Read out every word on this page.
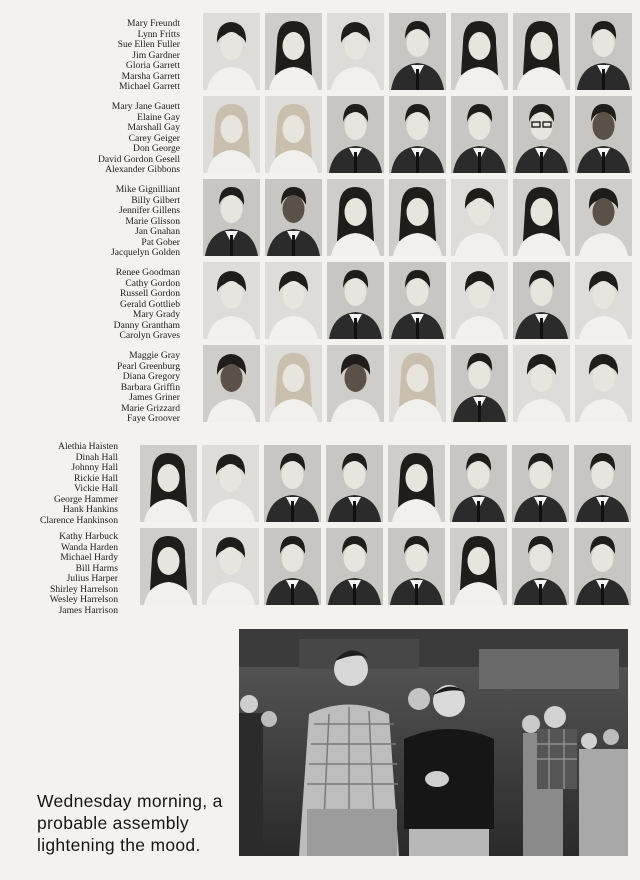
Mary Freundt
Lynn Fritts
Sue Ellen Fuller
Jim Gardner
Gloria Garrett
Marsha Garrett
Michael Garrett
Mary Jane Gauett
Elaine Gay
Marshall Gay
Carey Geiger
Don George
David Gordon Gesell
Alexander Gibbons
Mike Gignilliant
Billy Gilbert
Jennifer Gillens
Marie Glisson
Jan Gnahan
Pat Gober
Jacquelyn Golden
Renee Goodman
Cathy Gordon
Russell Gordon
Gerald Gottlieb
Mary Grady
Danny Grantham
Carolyn Graves
Maggie Gray
Pearl Greenburg
Diana Gregory
Barbara Griffin
James Griner
Marie Grizzard
Faye Groover
Alethia Haisten
Dinah Hall
Johnny Hall
Rickie Hall
Vickie Hall
George Hammer
Hank Hankins
Clarence Hankinson
Kathy Harbuck
Wanda Harden
Michael Hardy
Bill Harms
Julius Harper
Shirley Harrelson
Wesley Harrelson
James Harrison
Wednesday morning, a
probable assembly
lightening the mood.
